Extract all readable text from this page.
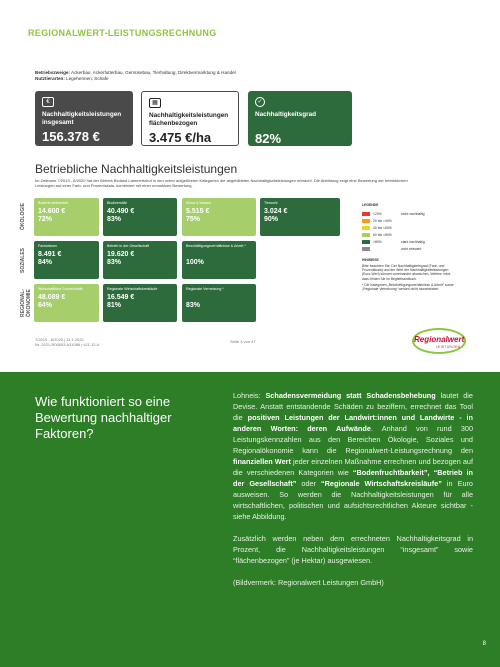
REGIONALWERT-LEISTUNGSRECHNUNG
Betriebszweige: Ackerbau, Ackerfutterbau, Gemüsebau, Tierhaltung, Direktvermarktung & Handel
Nutztierarten: Legehennen, Schafe
€
Nachhaltigkeitsleistungen insgesamt
156.378 €
▦
Nachhaltigkeitsleistungen flächenbezogen
3.475 €/ha
✓
Nachhaltigkeitsgrad
82%
Betriebliche Nachhaltigkeitsleistungen
Im Zeitraum 7/2019 - 6/2020 hat der Betrieb Bioland Lammertzhof in den unten aufgeführten Kategorien die abgebildeten Nachhaltigkeitsleistungen erbracht. Die Abbildung zeigt eine Bewertung der betrieblichen Leistungen auf einer Farb- und Prozentskala, kombiniert mit einer monetären Bewertung.
ÖKOLOGIE
Bodenfruchtbarkeit
14.600 €
72%
Biodiversität
40.490 €
83%
Klima & Wasser
5.515 €
75%
Tierwohl
3.024 €
90%
SOZIALES
Fachwissen
8.491 €
84%
Betrieb in der Gesellschaft
19.620 €
83%
Beschäftigungsverhältnisse & Arbeit *

100%
REGIONAL-ÖKONOMIE
Wirtschaftliche Souveränität
48.089 €
64%
Regionale Wirtschaftskreisläufe
16.549 €
81%
Regionale Vernetzung *

83%
LEGENDE
<20%	nicht nachhaltig
20 bis <40%
40 bis <60%
60 bis <80%
>80%	stark nachhaltig
nicht relevant
HINWEISE
Bitte beachten Sie: Der Nachhaltigkeitsgrad (Farb- und Prozentskala) und der Wert der Nachhaltigkeitsleistungen (Euro-Wert) können voneinander abweichen. Weitere Infos dazu finden Sie im Begleithandbuch.
* Die Kategorien „Beschäftigungsverhältnisse & Arbeit“ sowie „Regionale Vernetzung“ werden nicht monetarisiert.
7/2019 - 6/2020 | 11.1.2022
Nr. 2021-R00053 A31086 | v21.12.A
Seite 3 von 47	Regionalwert
LEISTUNGEN
Wie funktioniert so eine Bewertung nachhaltiger Faktoren?

Lohneis: Schadensvermeidung statt Schadensbehebung lautet die Devise. Anstatt entstandende Schäden zu beziffern, errechnet das Tool die positiven Leistungen der Landwirt:innen und Landwirte - in anderen Worten: deren Aufwände. Anhand von rund 300 Leistungskennzahlen aus den Bereichen Ökologie, Soziales und Regionalökonomie kann die Regionalwert-Leistungsrechnung den finanziellen Wert jeder einzelnen Maßnahme errechnen und bezogen auf die verschiedenen Kategorien wie “Bodenfruchtbarkeit”, “Betrieb in der Gesellschaft” oder “Regionale Wirtschaftskreisläufe” in Euro ausweisen. So werden die Nachhaltigkeitsleistungen für alle wirtschaftlichen, politischen und aufsichtsrechtlichen Akteure sichtbar - siehe Abbildung.

Zusätzlich werden neben dem errechneten Nachhaltigkeitsgrad in Prozent, die Nachhaltigkeitsleistungen “insgesamt” sowie “flächenbezogen” (je Hektar) ausgewiesen.

(Bildvermerk: Regionalwert Leistungen GmbH)

8
